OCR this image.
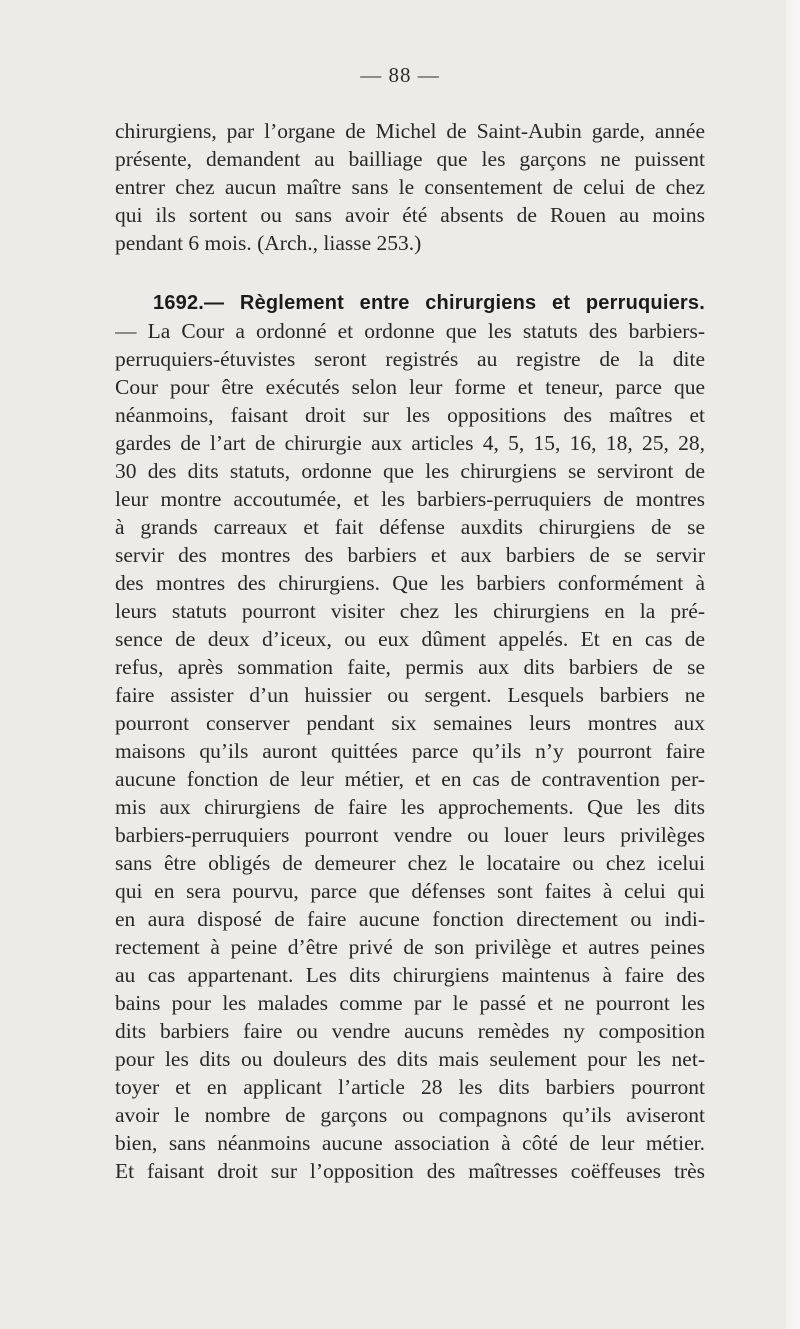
— 88 —
chirurgiens, par l’organe de Michel de Saint-Aubin garde, année
présente, demandent au bailliage que les garçons ne puissent
entrer chez aucun maître sans le consentement de celui de chez
qui ils sortent ou sans avoir été absents de Rouen au moins
pendant 6 mois. (Arch., liasse 253.)
1692.— Règlement entre chirurgiens et perruquiers.
— La Cour a ordonné et ordonne que les statuts des barbiers-
perruquiers-étuvistes seront registrés au registre de la dite
Cour pour être exécutés selon leur forme et teneur, parce que
néanmoins, faisant droit sur les oppositions des maîtres et
gardes de l’art de chirurgie aux articles 4, 5, 15, 16, 18, 25, 28,
30 des dits statuts, ordonne que les chirurgiens se serviront de
leur montre accoutumée, et les barbiers-perruquiers de montres
à grands carreaux et fait défense auxdits chirurgiens de se
servir des montres des barbiers et aux barbiers de se servir
des montres des chirurgiens. Que les barbiers conformément à
leurs statuts pourront visiter chez les chirurgiens en la pré-
sence de deux d’iceux, ou eux dûment appelés. Et en cas de
refus, après sommation faite, permis aux dits barbiers de se
faire assister d’un huissier ou sergent. Lesquels barbiers ne
pourront conserver pendant six semaines leurs montres aux
maisons qu’ils auront quittées parce qu’ils n’y pourront faire
aucune fonction de leur métier, et en cas de contravention per-
mis aux chirurgiens de faire les approchements. Que les dits
barbiers-perruquiers pourront vendre ou louer leurs privilèges
sans être obligés de demeurer chez le locataire ou chez icelui
qui en sera pourvu, parce que défenses sont faites à celui qui
en aura disposé de faire aucune fonction directement ou indi-
rectement à peine d’être privé de son privilège et autres peines
au cas appartenant. Les dits chirurgiens maintenus à faire des
bains pour les malades comme par le passé et ne pourront les
dits barbiers faire ou vendre aucuns remèdes ny composition
pour les dits ou douleurs des dits mais seulement pour les net-
toyer et en applicant l’article 28 les dits barbiers pourront
avoir le nombre de garçons ou compagnons qu’ils aviseront
bien, sans néanmoins aucune association à côté de leur métier.
Et faisant droit sur l’opposition des maîtresses coëffeuses très
